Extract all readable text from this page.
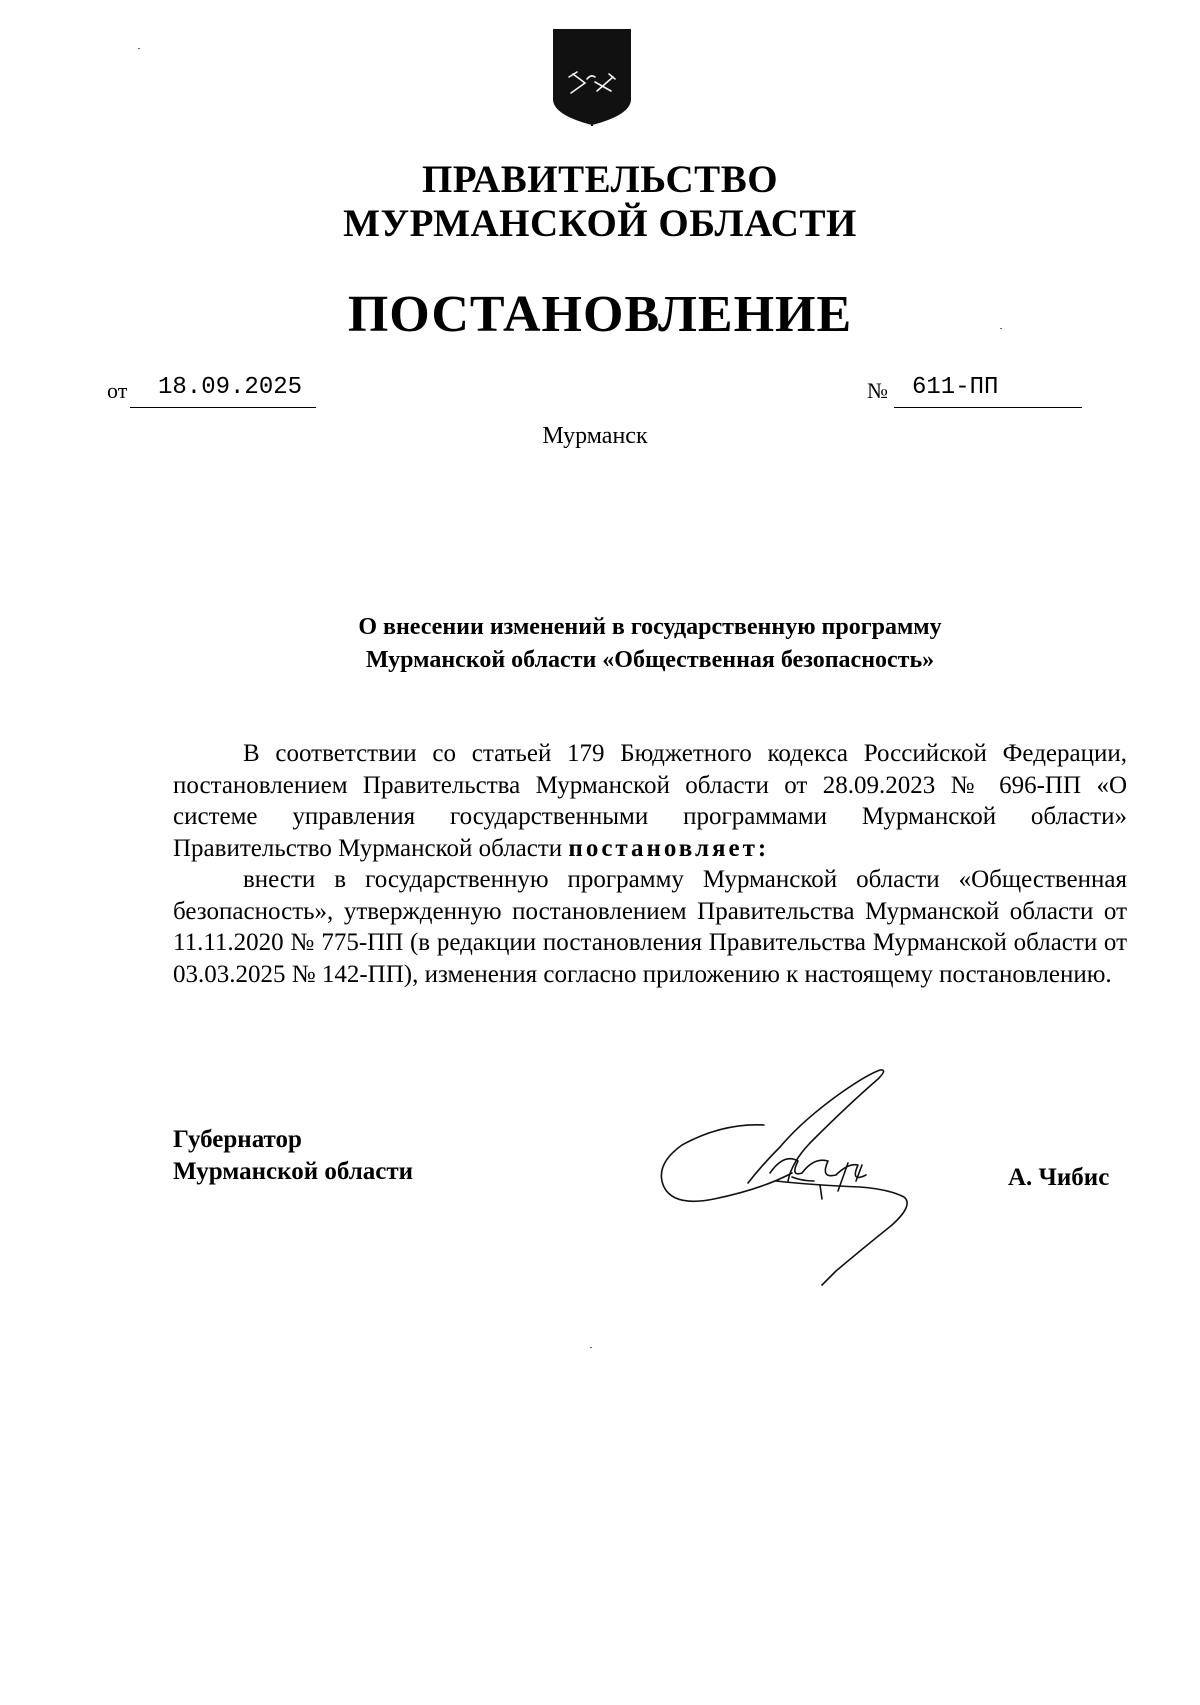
ПРАВИТЕЛЬСТВО
МУРМАНСКОЙ ОБЛАСТИ
ПОСТАНОВЛЕНИЕ
от	18.09.2025	№	611-ПП
Мурманск
О внесении изменений в государственную программу
Мурманской области «Общественная безопасность»

В соответствии со статьей 179 Бюджетного кодекса Российской Федерации, постановлением Правительства Мурманской области от 28.09.2023 № 696-ПП «О системе управления государственными программами Мурманской области» Правительство Мурманской области постановляет:

внести в государственную программу Мурманской области «Общественная безопасность», утвержденную постановлением Правительства Мурманской области от 11.11.2020 № 775-ПП (в редакции постановления Правительства Мурманской области от 03.03.2025 № 142-ПП), изменения согласно приложению к настоящему постановлению.

Губернатор
Мурманской области	А. Чибис
